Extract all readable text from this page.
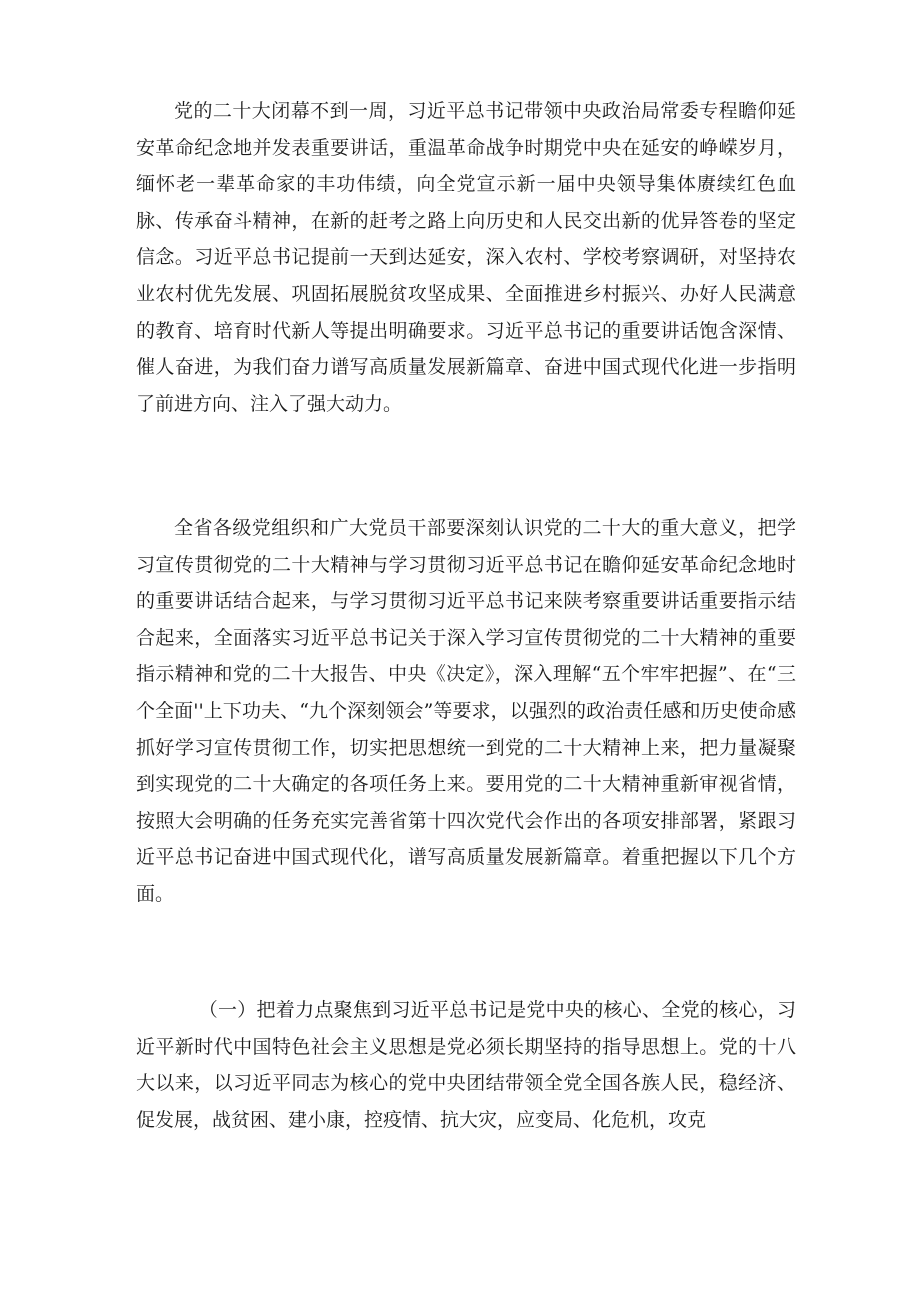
党的二十大闭幕不到一周，习近平总书记带领中央政治局常委专程瞻仰延安革命纪念地并发表重要讲话，重温革命战争时期党中央在延安的峥嵘岁月，缅怀老一辈革命家的丰功伟绩，向全党宣示新一届中央领导集体赓续红色血脉、传承奋斗精神，在新的赶考之路上向历史和人民交出新的优异答卷的坚定信念。习近平总书记提前一天到达延安，深入农村、学校考察调研，对坚持农业农村优先发展、巩固拓展脱贫攻坚成果、全面推进乡村振兴、办好人民满意的教育、培育时代新人等提出明确要求。习近平总书记的重要讲话饱含深情、催人奋进，为我们奋力谱写高质量发展新篇章、奋进中国式现代化进一步指明了前进方向、注入了强大动力。

全省各级党组织和广大党员干部要深刻认识党的二十大的重大意义，把学习宣传贯彻党的二十大精神与学习贯彻习近平总书记在瞻仰延安革命纪念地时的重要讲话结合起来，与学习贯彻习近平总书记来陕考察重要讲话重要指示结合起来，全面落实习近平总书记关于深入学习宣传贯彻党的二十大精神的重要指示精神和党的二十大报告、中央《决定》，深入理解“五个牢牢把握”、在“三个全面''上下功夫、“九个深刻领会”等要求，以强烈的政治责任感和历史使命感抓好学习宣传贯彻工作，切实把思想统一到党的二十大精神上来，把力量凝聚到实现党的二十大确定的各项任务上来。要用党的二十大精神重新审视省情，按照大会明确的任务充实完善省第十四次党代会作出的各项安排部署，紧跟习近平总书记奋进中国式现代化，谱写高质量发展新篇章。着重把握以下几个方面。

（一）把着力点聚焦到习近平总书记是党中央的核心、全党的核心，习近平新时代中国特色社会主义思想是党必须长期坚持的指导思想上。党的十八大以来，以习近平同志为核心的党中央团结带领全党全国各族人民，稳经济、促发展，战贫困、建小康，控疫情、抗大灾，应变局、化危机，攻克
